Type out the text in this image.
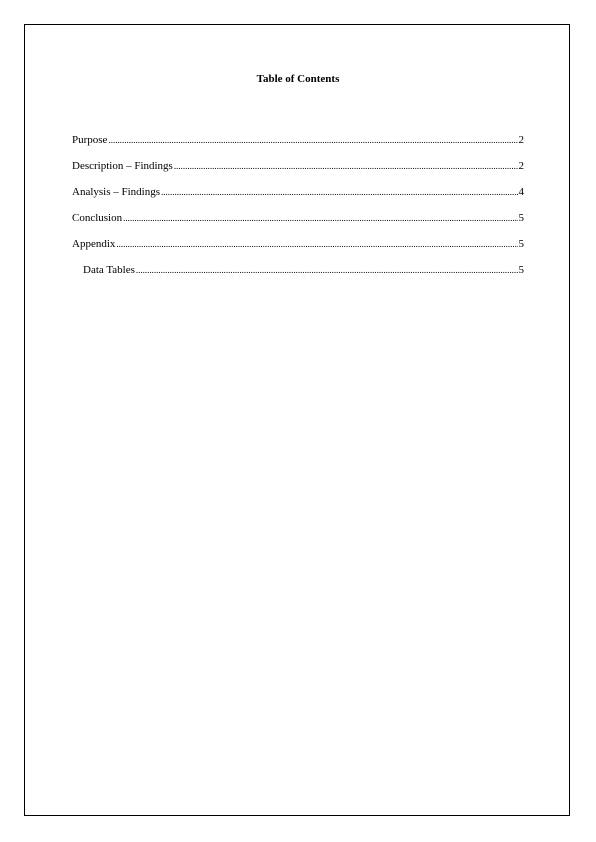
Table of Contents
Purpose .....	2
Description – Findings .....	2
Analysis – Findings .....	4
Conclusion .....	5
Appendix .....	5
Data Tables .....	5
